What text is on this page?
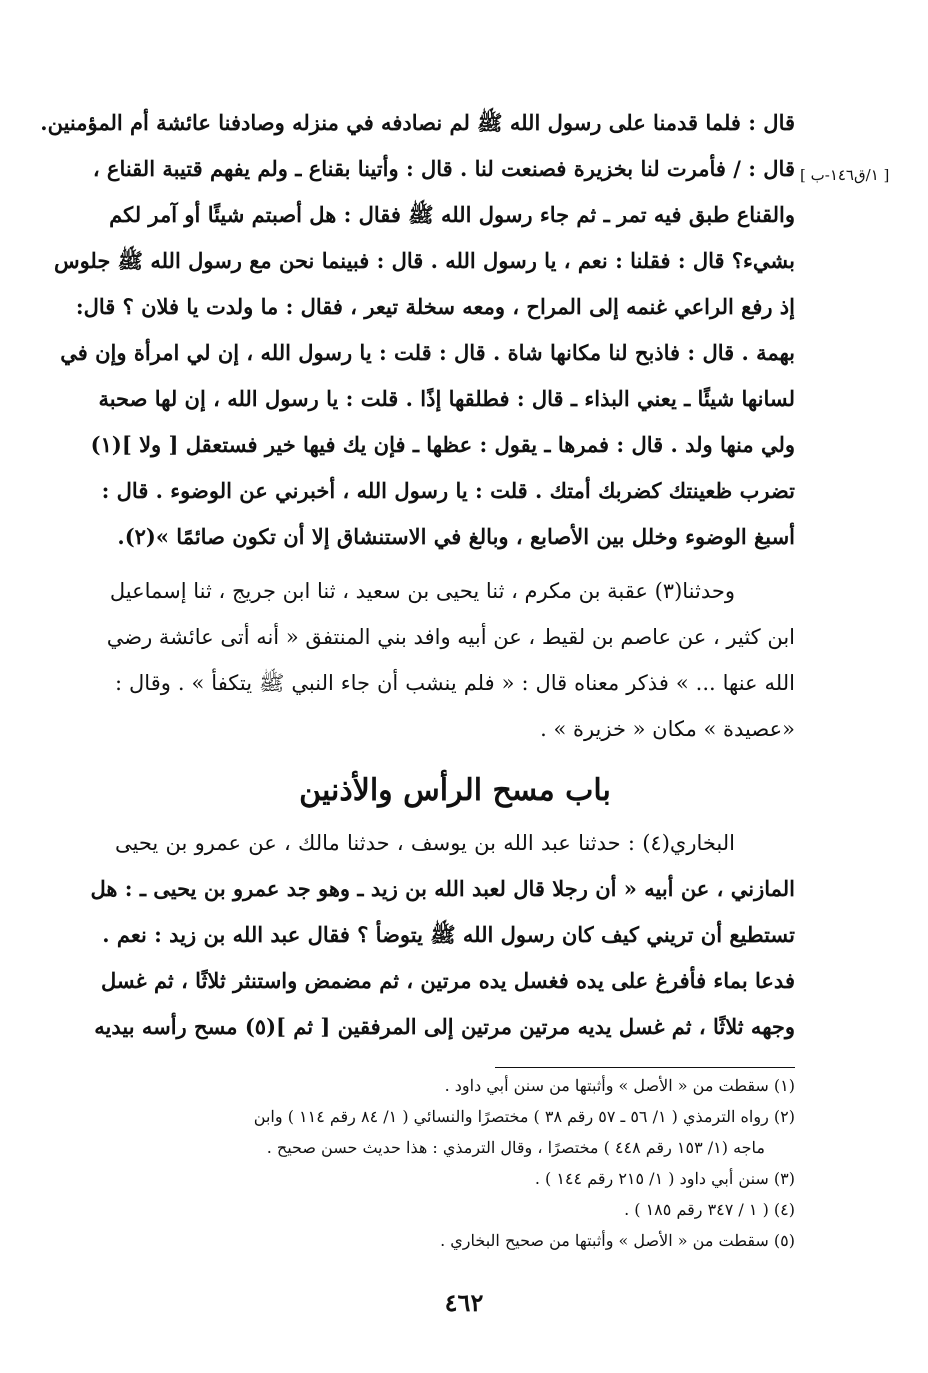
[ ١/ق١٤٦-ب ]
قال : فلما قدمنا على رسول الله ﷺ لم نصادفه في منزله وصادفنا عائشة أم المؤمنين.
قال : / فأمرت لنا بخزيرة فصنعت لنا . قال : وأتينا بقناع ـ ولم يفهم قتيبة القناع ،
والقناع طبق فيه تمر ـ ثم جاء رسول الله ﷺ فقال : هل أصبتم شيئًا أو آمر لكم
بشيء؟ قال : فقلنا : نعم ، يا رسول الله . قال : فبينما نحن مع رسول الله ﷺ جلوس
إذ رفع الراعي غنمه إلى المراح ، ومعه سخلة تيعر ، فقال : ما ولدت يا فلان ؟ قال:
بهمة . قال : فاذبح لنا مكانها شاة . قال : قلت : يا رسول الله ، إن لي امرأة وإن في
لسانها شيئًا ـ يعني البذاء ـ قال : فطلقها إذًا . قلت : يا رسول الله ، إن لها صحبة
ولي منها ولد . قال : فمرها ـ يقول : عظها ـ فإن يك فيها خير فستعقل [ ولا ](١)
تضرب ظعينتك كضربك أمتك . قلت : يا رسول الله ، أخبرني عن الوضوء . قال :
أسبغ الوضوء وخلل بين الأصابع ، وبالغ في الاستنشاق إلا أن تكون صائمًا »(٢).
وحدثنا(٣) عقبة بن مكرم ، ثنا يحيى بن سعيد ، ثنا ابن جريج ، ثنا إسماعيل
ابن كثير ، عن عاصم بن لقيط ، عن أبيه وافد بني المنتفق « أنه أتى عائشة رضي
الله عنها ... » فذكر معناه قال : « فلم ينشب أن جاء النبي ﷺ يتكفأ » . وقال :
«عصيدة » مكان « خزيرة » .
باب مسح الرأس والأذنين
البخاري(٤) : حدثنا عبد الله بن يوسف ، حدثنا مالك ، عن عمرو بن يحيى
المازني ، عن أبيه « أن رجلا قال لعبد الله بن زيد ـ وهو جد عمرو بن يحيى ـ : هل
تستطيع أن تريني كيف كان رسول الله ﷺ يتوضأ ؟ فقال عبد الله بن زيد : نعم .
فدعا بماء فأفرغ على يده فغسل يده مرتين ، ثم مضمض واستنثر ثلاثًا ، ثم غسل
وجهه ثلاثًا ، ثم غسل يديه مرتين مرتين إلى المرفقين [ ثم ](٥) مسح رأسه بيديه
(١) سقطت من « الأصل » وأثبتها من سنن أبي داود .
(٢) رواه الترمذي ( ١/ ٥٦ ـ ٥٧ رقم ٣٨ ) مختصرًا والنسائي ( ١/ ٨٤ رقم ١١٤ ) وابن
ماجه (١/ ١٥٣ رقم ٤٤٨ ) مختصرًا ، وقال الترمذي : هذا حديث حسن صحيح .
(٣) سنن أبي داود ( ١/ ٢١٥ رقم ١٤٤ ) .
(٤) ( ١ / ٣٤٧ رقم ١٨٥ ) .
(٥) سقطت من « الأصل » وأثبتها من صحيح البخاري .
٤٦٢
